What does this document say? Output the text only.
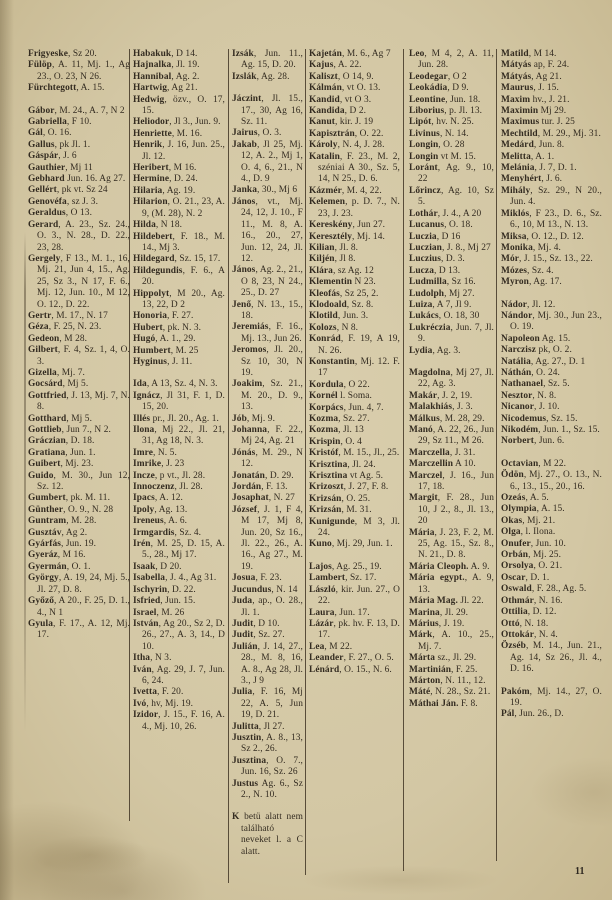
Frigyeske, Sz 20.
Fülöp, A. 11, Mj. 1., Ag 23., O. 23, N 26.
Fürchtegott, A. 15.
Gábor, M. 24., A. 7, N 2
Gabriella, F 10.
Gál, O. 16.
Gallus, pk Jl. 1.
Gáspár, J. 6
Gauthier, Mj 11
Gebhard Jun. 16. Ag 27.
Gellért, pk vt. Sz 24
Genovéfa, sz J. 3.
Geraldus, O 13.
Gerard, A. 23., Sz. 24., O. 3., N. 28., D. 22., 23, 28.
Gergely, F 13., M. 1., 16, Mj. 21, Jun 4, 15., Ag. 25, Sz 3., N 17, F. 6., Mj. 12, Jun. 10., M 12, O. 12., D. 22.
Gertr, M. 17., N. 17
Géza, F. 25, N. 23.
Gedeon, M 28.
Gilbert, F. 4, Sz. 1, 4, O. 3.
Gizella, Mj. 7.
Gocsárd, Mj 5.
Gottfried, J. 13, Mj. 7, N. 8.
Gotthard, Mj 5.
Gottlieb, Jun 7., N 2.
Gráczian, D. 18.
Gratiana, Jun. 1.
Guibert, Mj. 23.
Guido, M. 30., Jun 12, Sz. 12.
Gumbert, pk. M. 11.
Günther, O. 9., N. 28
Guntram, M. 28.
Gusztáv, Ag 2.
Gyárfás, Jun. 19.
Gyeráz, M 16.
Gyermán, O. 1.
György, A. 19, 24, Mj. 5., Jl. 27, D. 8.
Győző, A 20., F. 25, D. 1., 4., N 1
Gyula, F. 17., A. 12, Mj. 17.
Habakuk, D 14.
Hajnalka, Jl. 19.
Hannibal, Ag. 2.
Hartwig, Ag 21.
Hedwig, özv., O. 17, 15.
Heliodor, Jl 3., Jun. 9.
Henriette, M. 16.
Henrik, J. 16, Jun. 25., Jl. 12.
Heribert, M 16.
Hermine, D. 24.
Hilaria, Ag. 19.
Hilarion, O. 21., 23, A. 9, (M. 28), N. 2
Hilda, N 18.
Hildebert, F. 18., M. 14., Mj 3.
Hildegard, Sz. 15, 17.
Hildegundis, F. 6., A 20.
Hippolyt, M 20., Ag. 13, 22, D 2
Honoria, F. 27.
Hubert, pk. N. 3.
Hugó, A. 1., 29.
Humbert, M. 25
Hyginus, J. 11.
Ida, A 13, Sz. 4, N. 3.
Ignácz, Jl 31, F. 1, D. 15, 20.
Illés pr., Jl. 20., Ag. 1.
Ilona, Mj 22., Jl. 21, 31, Ag 18, N. 3.
Imre, N. 5.
Imrike, J. 23
Incze, p vt., Jl. 28.
Innoczenz, Jl. 28.
Ipacs, A. 12.
Ipoly, Ag. 13.
Ireneus, A. 6.
Irmgardis, Sz. 4.
Irén, M. 25, D. 15, A. 5., 28., Mj 17.
Isaak, D 20.
Isabella, J. 4., Ag 31.
Ischyrin, D. 22.
Isfried, Jun. 15.
Israel, M. 26
István, Ag 20., Sz 2, D. 26., 27., A. 3, 14., D 10.
Itha, N 3.
Iván, Ag. 29, J. 7, Jun. 6, 24.
Ivetta, F. 20.
Ivó, hv, Mj. 19.
Izidor, J. 15., F. 16, A. 4., Mj. 10, 26.
Izsák, Jun. 11., Ag. 15, D. 20.
Izslák, Ag. 28.
Jáczint, Jl. 15., 17., 30, Ag 16, Sz. 11.
Jairus, O. 3.
Jakab, Jl 25, Mj. 12, A. 2., Mj 1, O. 4, 6., 21., N 4., D. 9
Janka, 30., Mj 6
János, vt., Mj. 24, 12, J. 10., F 11., M. 8, A. 16., 20., 27, Jun. 12, 24, Jl. 12.
János, Ag. 2., 21., O 8, 23, N 24., 25., D. 27
Jenő, N. 13., 15., 18.
Jeremiás, F. 16., Mj. 13., Jun 26.
Jeromos, Jl. 20., Sz 10, 30, N 19.
Joakim, Sz. 21., M. 20., D. 9., 13.
Jób, Mj. 9.
Johanna, F. 22., Mj 24, Ag. 21
Jónás, M. 29., N 12.
Jonatán, D. 29.
Jordán, F. 13.
Josaphat, N. 27
József, J. 1, F 4, M 17, Mj 8, Jun. 20, Sz 16., Jl. 22., 26., A. 16., Ag 27., M. 19.
Josua, F. 23.
Jucundus, N. 14
Juda, ap., O. 28., Jl. 1.
Judit, D 10.
Judit, Sz. 27.
Julián, J. 14, 27., 28., M. 8, 16, A. 8., Ag 28, Jl. 3., J 9
Julia, F. 16, Mj 22, A. 5, Jun 19, D. 21.
Julitta, Jl 27.
Jusztin, A. 8., 13, Sz 2., 26.
Jusztina, O. 7., Jun. 16, Sz. 26
Justus Ag. 6., Sz 2., N. 10.
K betü alatt nem található neveket l. a C alatt.
Kajetán, M. 6., Ag 7
Kajus, A. 22.
Kaliszt, O 14, 9.
Kálmán, vt O. 13.
Kandid, vt O 3.
Kandida, D 2.
Kanut, kir. J. 19
Kapisztrán, O. 22.
Károly, N. 4, J. 28.
Katalin, F. 23., M. 2, széniai A 30., Sz. 5, 14, N 25., D. 6.
Kázmér, M. 4, 22.
Kelemen, p. D. 7., N. 23, J. 23.
Kereskény, Jun 27.
Keresztély, Mj. 14.
Kilian, Jl. 8.
Kiljén, Jl 8.
Klára, sz Ag. 12
Klementin N 23.
Kleofás, Sz 25, 2.
Klodoald, Sz. 8.
Klotild, Jun. 3.
Kolozs, N 8.
Konrád, F. 19, A 19, N. 26.
Konstantin, Mj. 12. F. 17
Kordula, O 22.
Kornél l. Soma.
Korpács, Jun. 4, 7.
Kozma, Sz. 27.
Kozma, Jl. 13
Krispin, O. 4
Kristóf, M. 15., Jl., 25.
Krisztina, Jl. 24.
Krisztina vt Ag. 5.
Krizoszt, J. 27, F. 8.
Krizsán, O. 25.
Krizsán, M. 31.
Kunigunde, M 3, Jl. 24.
Kuno, Mj. 29, Jun. 1.
Lajos, Ag. 25., 19.
Lambert, Sz. 17.
László, kir. Jun. 27., O 22.
Laura, Jun. 17.
Lázár, pk. hv. F. 13, D. 17.
Lea, M 22.
Leander, F. 27., O. 5.
Lénárd, O. 15., N. 6.
Leo, M 4, 2, A. 11, Jun. 28.
Leodegar, O 2
Leokádia, D 9.
Leontine, Jun. 18.
Liborius, p. Jl. 13.
Lipót, hv. N. 25.
Livinus, N. 14.
Longin, O. 28
Longin vt M. 15.
Loránt, Ag. 9., 10, 22
Lőrincz, Ag. 10, Sz 5.
Lothár, J. 4., A 20
Lucanus, O. 18.
Luczia, D 16
Luczian, J. 8., Mj 27
Luczius, D. 3.
Lucza, D 13.
Ludmilla, Sz 16.
Ludolph, Mj 27.
Luiza, A 7, Jl 9.
Lukács, O. 18, 30
Lukréczia, Jun. 7, Jl. 9.
Lydia, Ag. 3.
Magdolna, Mj 27, Jl. 22, Ag. 3.
Makár, J. 2, 19.
Malakhiás, J. 3.
Málkus, M. 28, 29.
Manó, A. 22, 26., Jun 29, Sz 11., M 26.
Marczella, J. 31.
Marczellin A 10.
Marczel, J. 16., Jun 17, 18.
Margit, F. 28., Jun 10, J 2., 8., Jl. 13., 20
Mária, J. 23, F. 2, M. 25, Ag. 15., Sz. 8., N. 21., D. 8.
Mária Cleoph. A. 9.
Mária egypt., A. 9, 13.
Mária Mag. Jl. 22.
Marina, Jl. 29.
Márius, J. 19.
Márk, A. 10., 25., Mj. 7.
Márta sz., Jl. 29.
Martinián, F. 25.
Márton, N. 11., 12.
Máté, N. 28., Sz. 21.
Máthai Ján. F. 8.
Matild, M 14.
Mátyás ap, F. 24.
Mátyás, Ag 21.
Maurus, J. 15.
Maxim hv., J. 21.
Maximin Mj 29.
Maximus tur. J. 25
Mechtild, M. 29., Mj. 31.
Medárd, Jun. 8.
Melitta, A. 1.
Melánia, J. 7, D. 1.
Menyhért, J. 6.
Mihály, Sz. 29., N 20., Jun. 4.
Miklós, F 23., D. 6., Sz. 6., 10, M 13., N. 13.
Miksa, O. 12., D. 12.
Monika, Mj. 4.
Mór, J. 15., Sz. 13., 22.
Mózes, Sz. 4.
Myron, Ag. 17.
Nádor, Jl. 12.
Nándor, Mj. 30., Jun 23., O. 19.
Napoleon Ag. 15.
Narczisz pk, O. 2.
Natália, Ag. 27., D. 1
Náthán, O. 24.
Nathanael, Sz. 5.
Nesztor, N. 8.
Nicanor, J. 10.
Nicodemus, Sz. 15.
Nikodém, Jun. 1., Sz. 15.
Norbert, Jun. 6.
Octavian, M 22.
Ödön, Mj. 27., O. 13., N. 6., 13., 15., 20., 16.
Ozeás, A. 5.
Olympia, A. 15.
Okas, Mj. 21.
Olga, l. Ilona.
Onufer, Jun. 10.
Orbán, Mj. 25.
Orsolya, O. 21.
Oscar, D. 1.
Oswald, F. 28., Ag. 5.
Othmár, N. 16.
Ottilia, D. 12.
Ottó, N. 18.
Ottokár, N. 4.
Özséb, M. 14., Jun. 21., Ag. 14, Sz 26., Jl. 4., D. 16.
Pakóm, Mj. 14., 27, O. 19.
Pál, Jun. 26., D.
11
